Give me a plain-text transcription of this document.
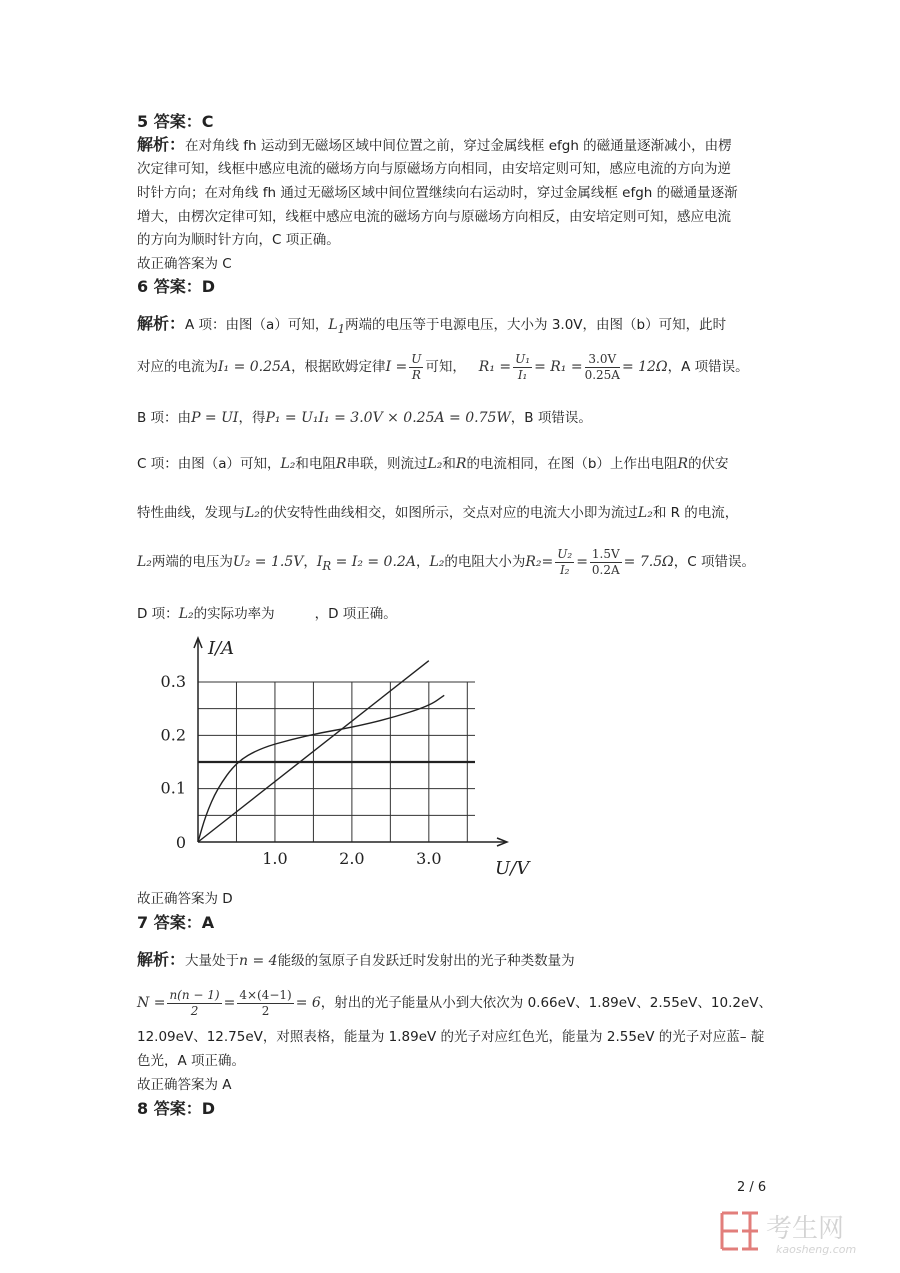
5 答案：C
解析：在对角线 fh 运动到无磁场区域中间位置之前，穿过金属线框 efgh 的磁通量逐渐减小，由楞
次定律可知，线框中感应电流的磁场方向与原磁场方向相同，由安培定则可知，感应电流的方向为逆
时针方向；在对角线 fh 通过无磁场区域中间位置继续向右运动时，穿过金属线框 efgh 的磁通量逐渐
增大，由楞次定律可知，线框中感应电流的磁场方向与原磁场方向相反，由安培定则可知，感应电流
的方向为顺时针方向，C 项正确。
故正确答案为 C
6 答案：D
解析：A 项：由图（a）可知，$L_1$两端的电压等于电源电压，大小为 3.0V，由图（b）可知，此时
对应的电流为I₁ = 0.25A，根据欧姆定律$I = \frac{U}{R}$ 可知， $R_1 = \frac{\text{U₁}}{\text{I₁}} = R_1 = \frac{3.0V}{0.25A} = 12\Omega$，A 项错误。
B 项：由P = UI，得P₁ = U₁I₁ = 3.0V × 0.25A = 0.75W，B 项错误。
C 项：由图（a）可知，L₂和电阻R串联，则流过L₂和R的电流相同，在图（b）上作出电阻R的伏安
特性曲线，发现与L₂的伏安特性曲线相交，如图所示，交点对应的电流大小即为流过L₂和 R 的电流，
L₂两端的电压为U₂ = 1.5V，$I_R = I_2 = 0.2A$，L₂的电阻大小为$R_2= \frac{\text{U₂}}{\text{I₂}} = \frac{1.5V}{0.2A} = 7.5\Omega$，C 项错误。
D 项：L₂的实际功率为	，D 项正确。
0.1
0.2
0.3
1.0	2.0	3.0
0
I/A
U/V
故正确答案为 D
7 答案：A
解析：大量处于n = 4能级的氢原子自发跃迁时发射出的光子种类数量为
$N = \frac{n(n - 1)}{2} = \frac{4\times(4-1)}{2} = 6$，射出的光子能量从小到大依次为 0.66eV、1.89eV、2.55eV、10.2eV、
12.09eV、12.75eV，对照表格，能量为 1.89eV 的光子对应红色光，能量为 2.55eV 的光子对应蓝– 靛
色光，A 项正确。
故正确答案为 A
8 答案：D
2 / 6
考生网
kaosheng.com
